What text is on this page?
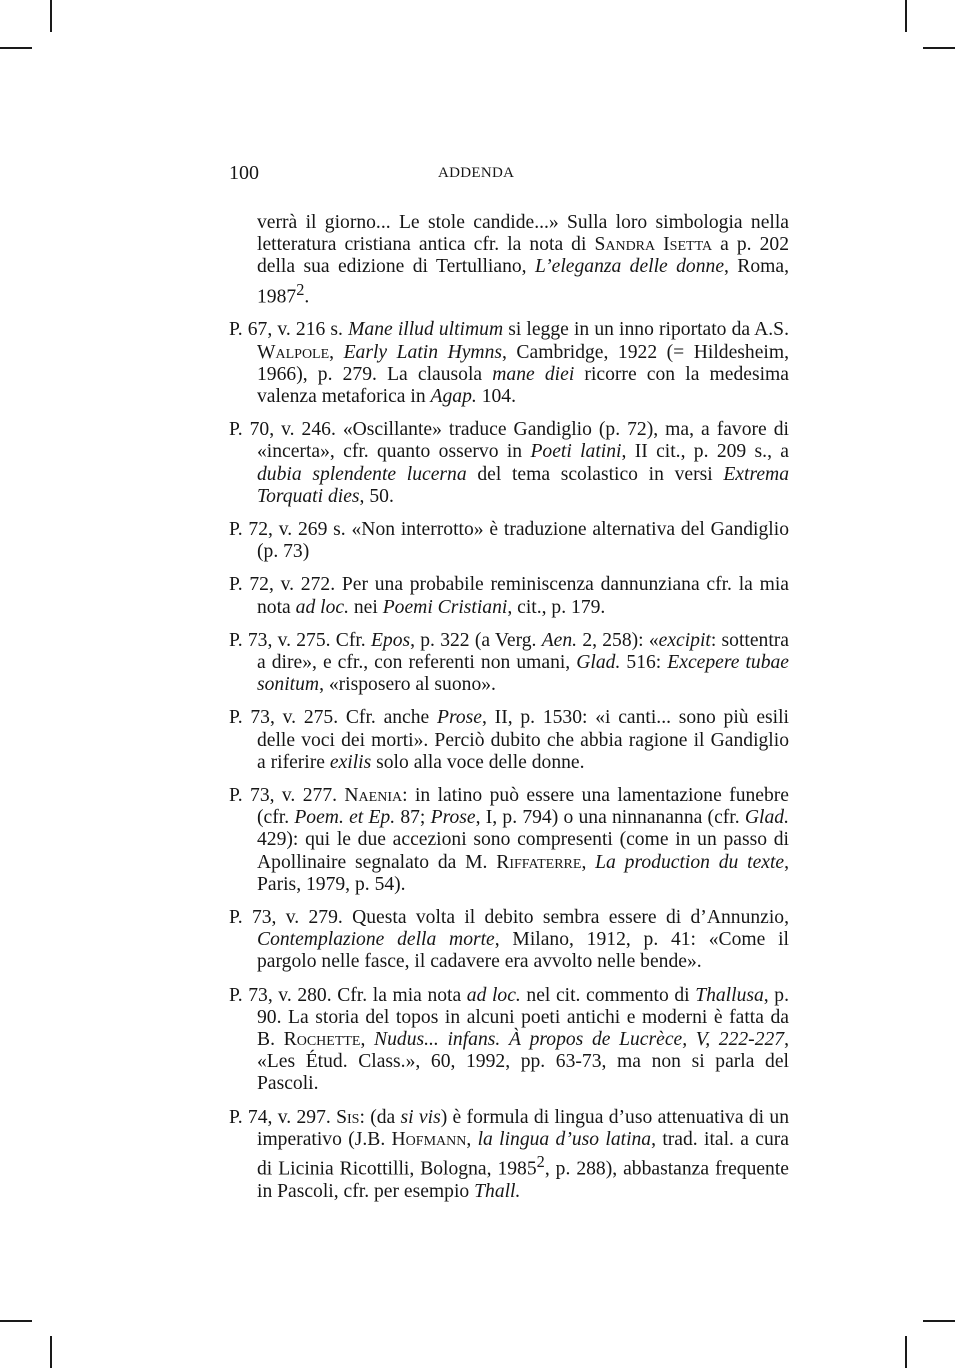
100	ADDENDA

verrà il giorno... Le stole candide...» Sulla loro simbologia nella letteratura cristiana antica cfr. la nota di Sandra Isetta a p. 202 della sua edizione di Tertulliano, L’eleganza delle donne, Roma, 1987$^2$.

P. 67, v. 216 s. Mane illud ultimum si legge in un inno riportato da A.S. Walpole, Early Latin Hymns, Cambridge, 1922 (= Hildesheim, 1966), p. 279. La clausola mane diei ricorre con la medesima valenza metaforica in Agap. 104.

P. 70, v. 246. «Oscillante» traduce Gandiglio (p. 72), ma, a favore di «incerta», cfr. quanto osservo in Poeti latini, II cit., p. 209 s., a dubia splendente lucerna del tema scolastico in versi Extrema Torquati dies, 50.

P. 72, v. 269 s. «Non interrotto» è traduzione alternativa del Gandiglio (p. 73)

P. 72, v. 272. Per una probabile reminiscenza dannunziana cfr. la mia nota ad loc. nei Poemi Cristiani, cit., p. 179.

P. 73, v. 275. Cfr. Epos, p. 322 (a Verg. Aen. 2, 258): «excipit: sottentra a dire», e cfr., con referenti non umani, Glad. 516: Excepere tubae sonitum, «risposero al suono».

P. 73, v. 275. Cfr. anche Prose, II, p. 1530: «i canti... sono più esili delle voci dei morti». Perciò dubito che abbia ragione il Gandiglio a riferire exilis solo alla voce delle donne.

P. 73, v. 277. Naenia: in latino può essere una lamentazione funebre (cfr. Poem. et Ep. 87; Prose, I, p. 794) o una ninnananna (cfr. Glad. 429): qui le due accezioni sono compresenti (come in un passo di Apollinaire segnalato da M. Riffaterre, La production du texte, Paris, 1979, p. 54).

P. 73, v. 279. Questa volta il debito sembra essere di d’Annunzio, Contemplazione della morte, Milano, 1912, p. 41: «Come il pargolo nelle fasce, il cadavere era avvolto nelle bende».

P. 73, v. 280. Cfr. la mia nota ad loc. nel cit. commento di Thallusa, p. 90. La storia del topos in alcuni poeti antichi e moderni è fatta da B. Rochette, Nudus... infans. À propos de Lucrèce, V, 222-227, «Les Étud. Class.», 60, 1992, pp. 63-73, ma non si parla del Pascoli.

P. 74, v. 297. Sis: (da si vis) è formula di lingua d’uso attenuativa di un imperativo (J.B. Hofmann, la lingua d’uso latina, trad. ital. a cura di Licinia Ricottilli, Bologna, 1985$^2$, p. 288), abbastanza frequente in Pascoli, cfr. per esempio Thall.
